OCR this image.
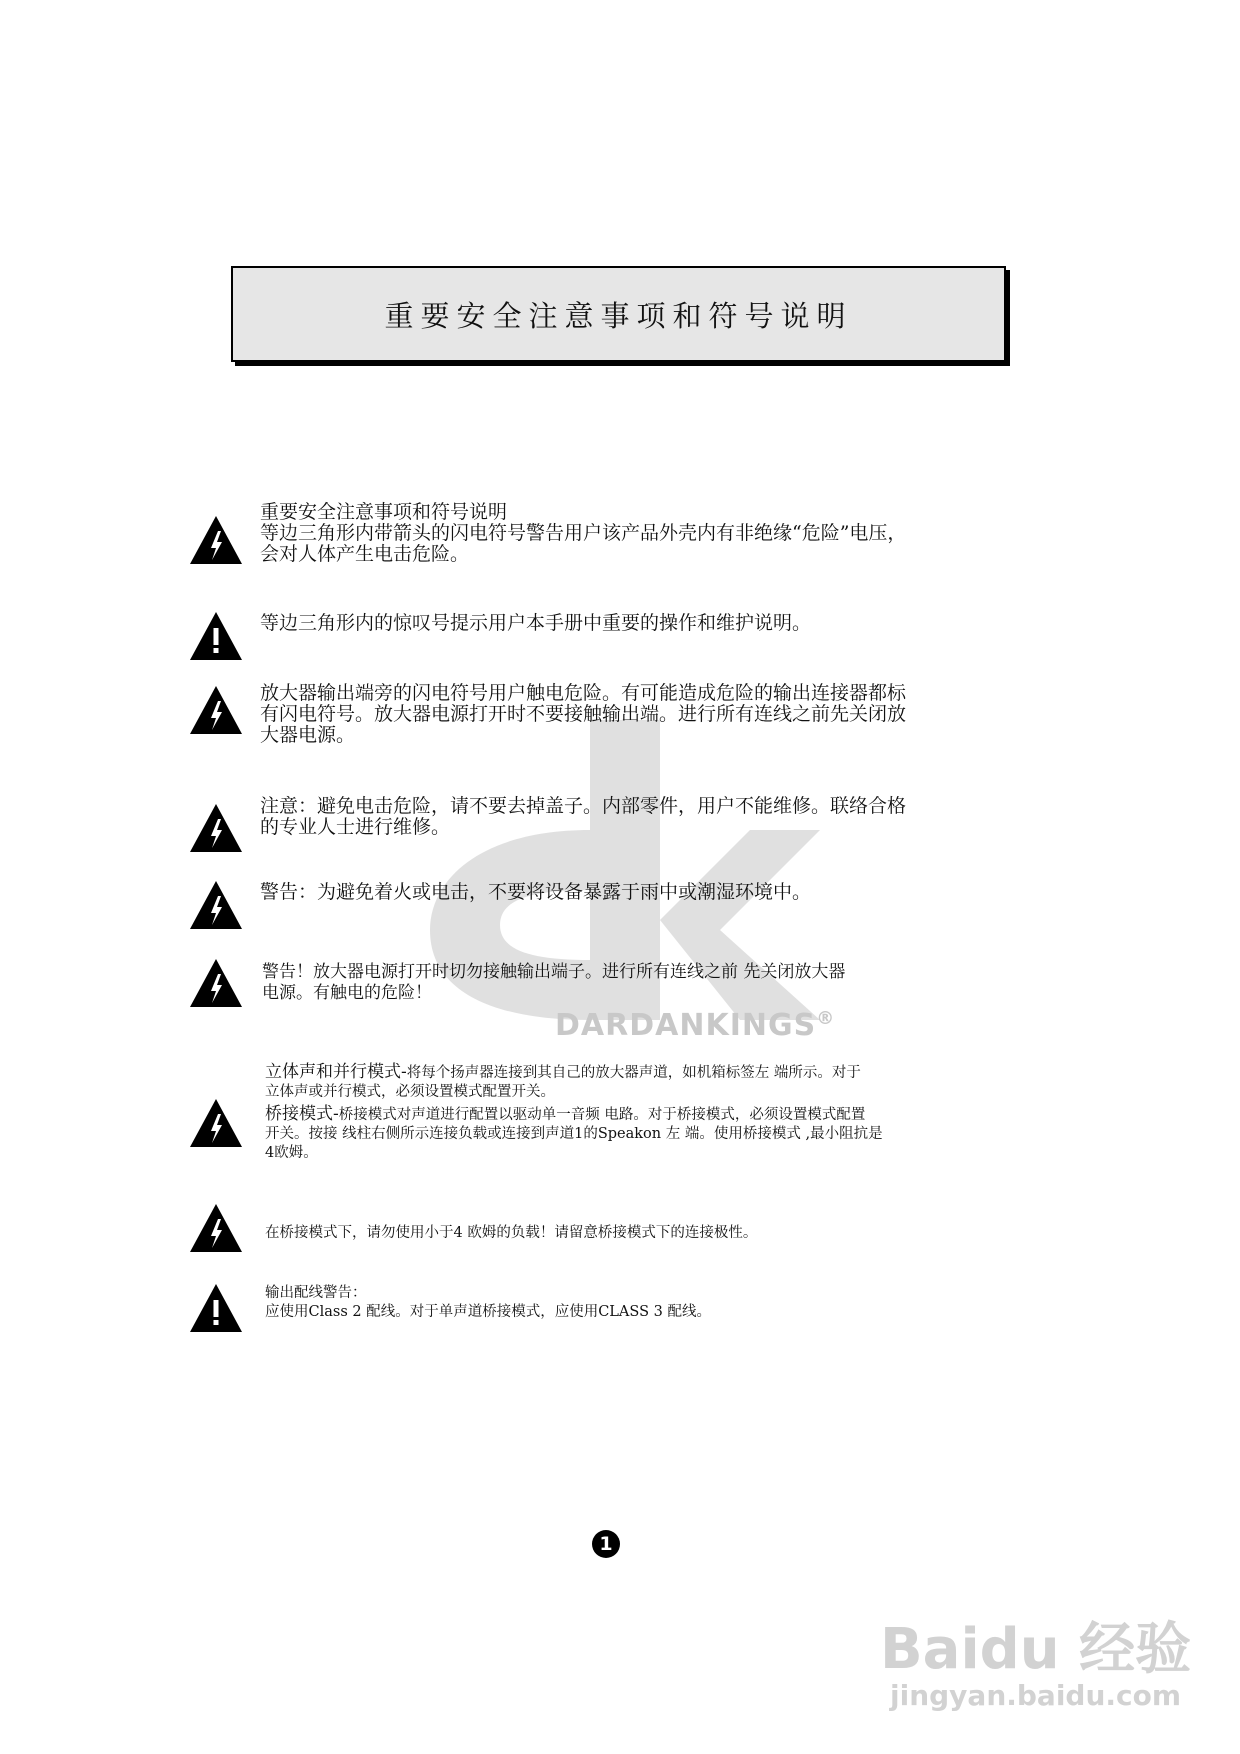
重要安全注意事项和符号说明
DARDANKINGS®
重要安全注意事项和符号说明
等边三角形内带箭头的闪电符号警告用户该产品外壳内有非绝缘“危险”电压，
会对人体产生电击危险。
等边三角形内的惊叹号提示用户本手册中重要的操作和维护说明。
放大器输出端旁的闪电符号用户触电危险。有可能造成危险的输出连接器都标
有闪电符号。放大器电源打开时不要接触输出端。进行所有连线之前先关闭放
大器电源。
注意：避免电击危险，请不要去掉盖子。内部零件，用户不能维修。联络合格
的专业人士进行维修。
警告：为避免着火或电击，不要将设备暴露于雨中或潮湿环境中。
警告！放大器电源打开时切勿接触输出端子。进行所有连线之前 先关闭放大器
电源。有触电的危险！
立体声和并行模式-将每个扬声器连接到其自己的放大器声道，如机箱标签左 端所示。对于
立体声或并行模式，必须设置模式配置开关。
桥接模式-桥接模式对声道进行配置以驱动单一音频 电路。对于桥接模式，必须设置模式配置
开关。按接 线柱右侧所示连接负载或连接到声道1的Speakon 左 端。使用桥接模式 ,最小阻抗是
4欧姆。
在桥接模式下，请勿使用小于4 欧姆的负载！请留意桥接模式下的连接极性。
输出配线警告：
应使用Class 2 配线。对于单声道桥接模式，应使用CLASS 3 配线。
1
Baidu 经验
jingyan.baidu.com
